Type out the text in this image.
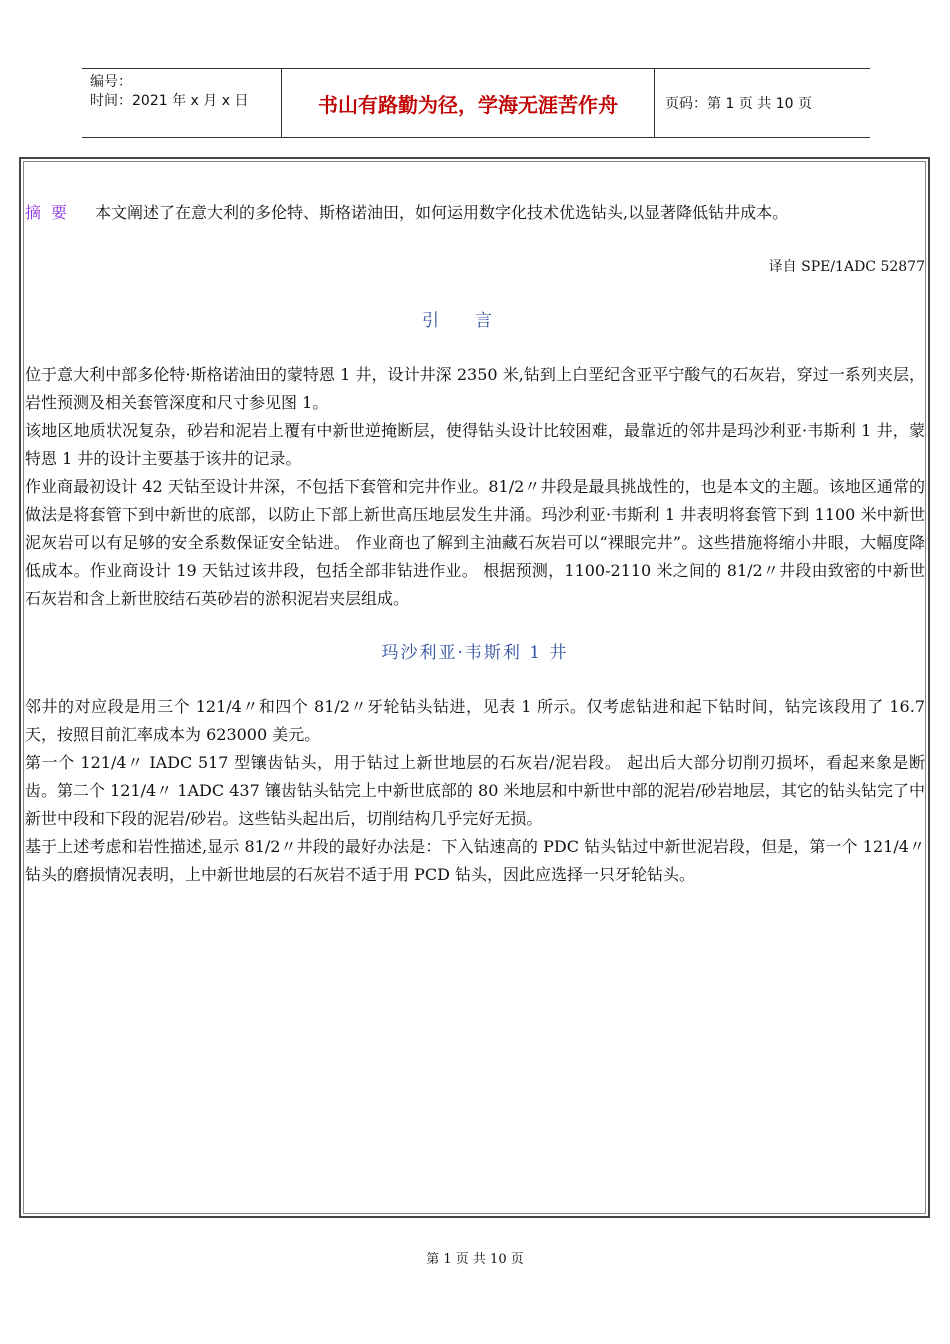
编号：
时间：2021 年 x 月 x 日	书山有路勤为径，学海无涯苦作舟	页码：第 1 页 共 10 页

摘要 本文阐述了在意大利的多伦特、斯格诺油田，如何运用数字化技术优选钻头,以显著降低钻井成本。

译自 SPE/1ADC 52877
引言

位于意大利中部多伦特·斯格诺油田的蒙特恩 1 井，设计井深 2350 米,钻到上白垩纪含亚平宁酸气的石灰岩，穿过一系列夹层，岩性预测及相关套管深度和尺寸参见图 1。

该地区地质状况复杂，砂岩和泥岩上覆有中新世逆掩断层，使得钻头设计比较困难，最靠近的邻井是玛沙利亚·韦斯利 1 井，蒙特恩 1 井的设计主要基于该井的记录。

作业商最初设计 42 天钻至设计井深，不包括下套管和完井作业。81/2〃井段是最具挑战性的，也是本文的主题。该地区通常的做法是将套管下到中新世的底部，以防止下部上新世高压地层发生井涌。玛沙利亚·韦斯利 1 井表明将套管下到 1100 米中新世泥灰岩可以有足够的安全系数保证安全钻进。 作业商也了解到主油藏石灰岩可以“裸眼完井”。这些措施将缩小井眼，大幅度降低成本。作业商设计 19 天钻过该井段，包括全部非钻进作业。 根据预测，1100-2110 米之间的 81/2〃井段由致密的中新世石灰岩和含上新世胶结石英砂岩的淤积泥岩夹层组成。

玛沙利亚·韦斯利 1 井

邻井的对应段是用三个 121/4〃和四个 81/2〃牙轮钻头钻进，见表 1 所示。仅考虑钻进和起下钻时间，钻完该段用了 16.7 天，按照目前汇率成本为 623000 美元。

第一个 121/4〃 IADC 517 型镶齿钻头，用于钻过上新世地层的石灰岩/泥岩段。 起出后大部分切削刃损坏，看起来象是断齿。第二个 121/4〃 1ADC 437 镶齿钻头钻完上中新世底部的 80 米地层和中新世中部的泥岩/砂岩地层，其它的钻头钻完了中新世中段和下段的泥岩/砂岩。这些钻头起出后，切削结构几乎完好无损。

基于上述考虑和岩性描述,显示 81/2〃井段的最好办法是：下入钻速高的 PDC 钻头钻过中新世泥岩段，但是，第一个 121/4〃钻头的磨损情况表明，上中新世地层的石灰岩不适于用 PCD 钻头，因此应选择一只牙轮钻头。

第 1 页 共 10 页
